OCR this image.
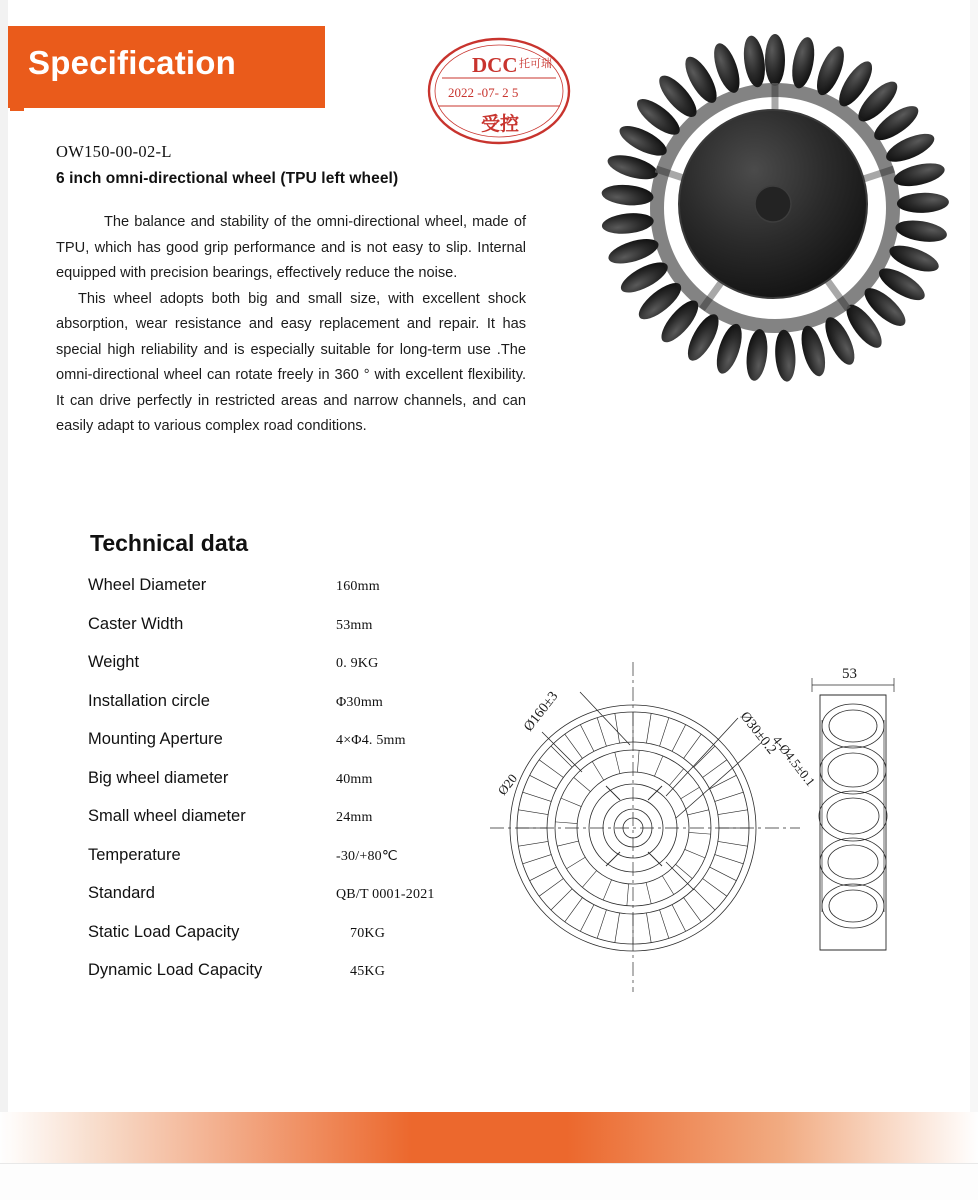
Specification	DCC 托可瑞
2022 -07- 2 5
受控
OW150-00-02-L
6 inch omni-directional wheel (TPU left wheel)

The balance and stability of the omni-directional wheel, made of TPU, which has good grip performance and is not easy to slip. Internal equipped with precision bearings, effectively reduce the noise.

This wheel adopts both big and small size, with excellent shock absorption, wear resistance and easy replacement and repair. It has special high reliability and is especially suitable for long-term use .The omni-directional wheel can rotate freely in 360 ° with excellent flexibility. It can drive perfectly in restricted areas and narrow channels, and can easily adapt to various complex road conditions.

Technical data
Wheel Diameter	160mm
Caster Width	53mm
Weight	0. 9KG
Installation circle	Φ30mm
Mounting Aperture	4×Φ4. 5mm
Big wheel diameter	40mm
Small wheel diameter	24mm
Temperature	-30/+80℃
Standard	QB/T 0001-2021
Static Load Capacity	70KG
Dynamic Load Capacity	45KG
Ø160±3
Ø20
Ø30±0.2
4-Ø4.5±0.1
53
